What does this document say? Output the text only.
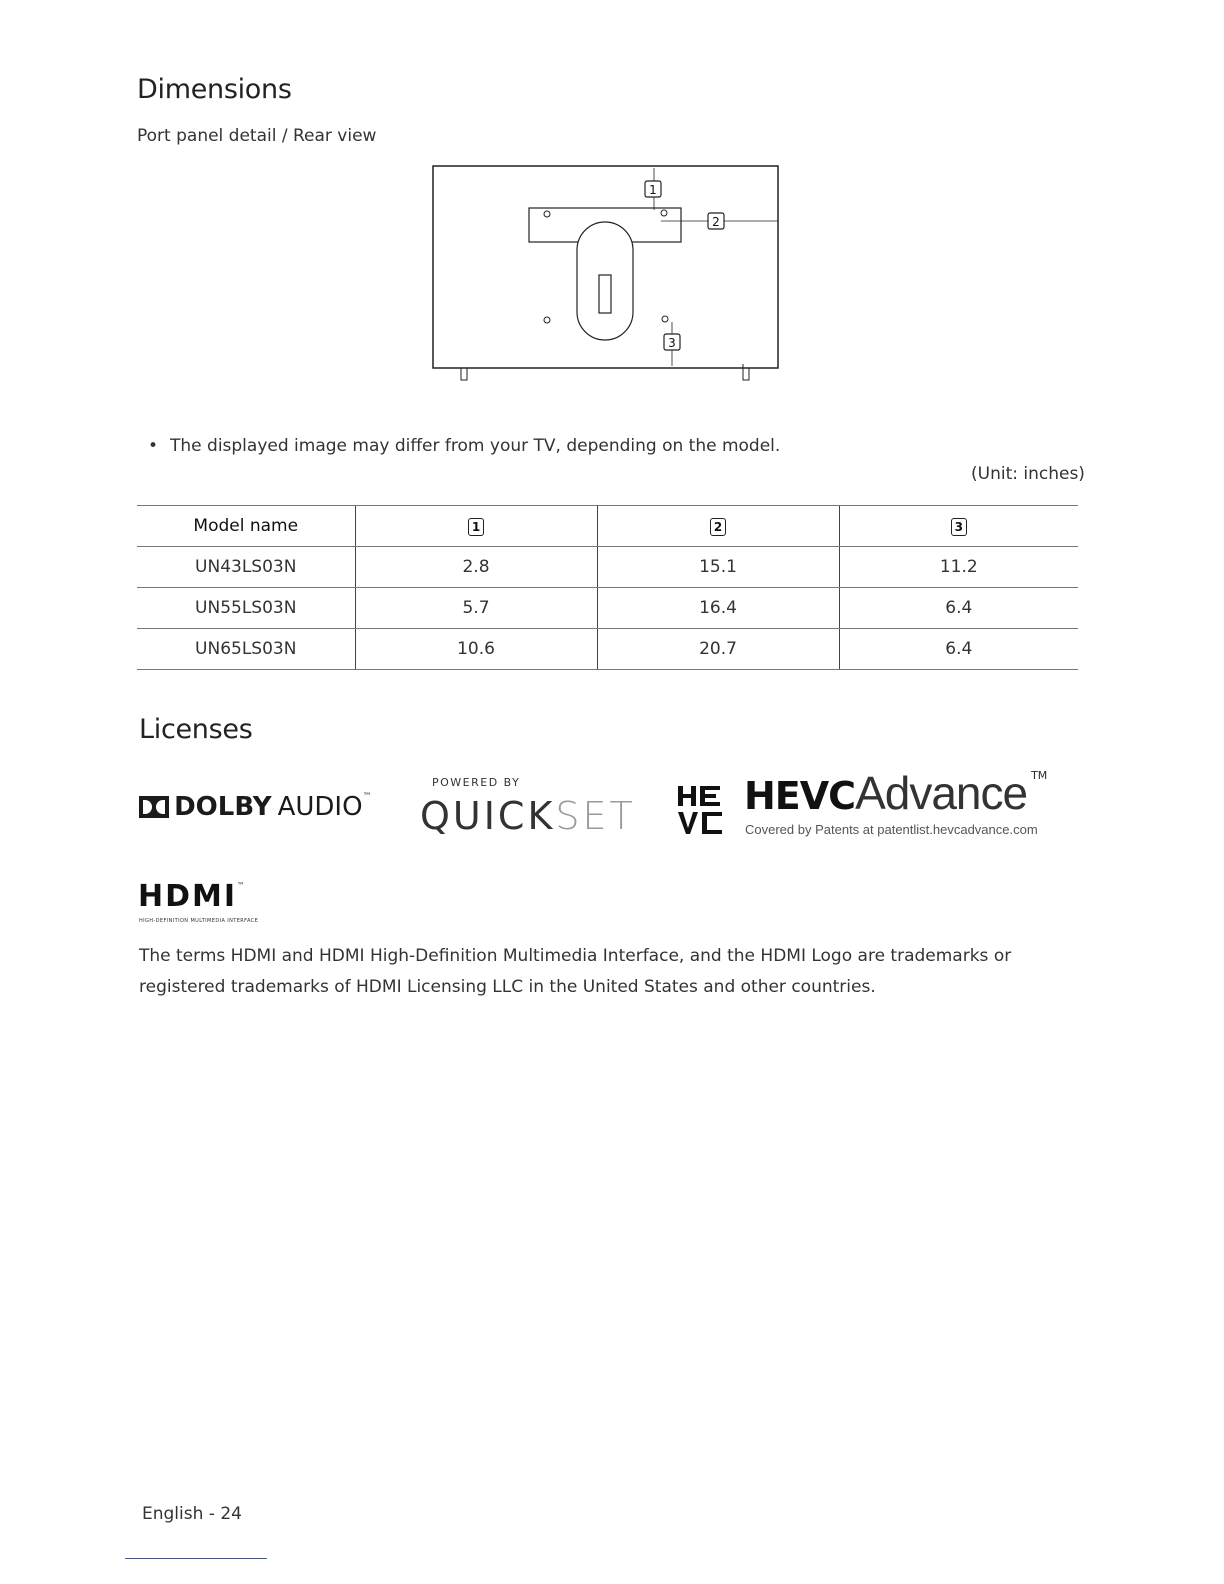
Dimensions
Port panel detail / Rear view
1
2
3
• The displayed image may differ from your TV, depending on the model.
(Unit: inches)
Model name	1	2	3
UN43LS03N	2.8	15.1	11.2
UN55LS03N	5.7	16.4	6.4
UN65LS03N	10.6	20.7	6.4
Licenses
DOLBY AUDIO™
POWERED BY
QUICKSET	HEVCAdvance ™
Covered by Patents at patentlist.hevcadvance.com
HDMI™
HIGH-DEFINITION MULTIMEDIA INTERFACE
The terms HDMI and HDMI High-Definition Multimedia Interface, and the HDMI Logo are trademarks or registered trademarks of HDMI Licensing LLC in the United States and other countries.
English - 24
